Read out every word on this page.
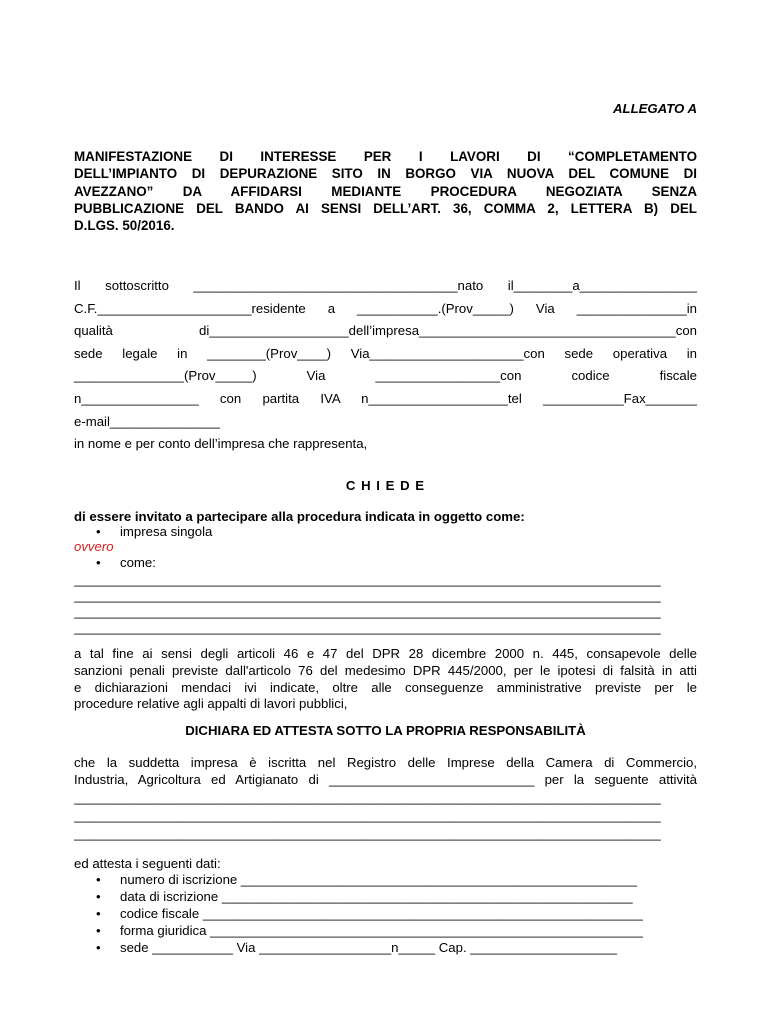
ALLEGATO A
MANIFESTAZIONE DI INTERESSE PER I LAVORI DI “COMPLETAMENTO
DELL’IMPIANTO DI DEPURAZIONE SITO IN BORGO VIA NUOVA DEL COMUNE DI
AVEZZANO” DA AFFIDARSI MEDIANTE PROCEDURA NEGOZIATA SENZA
PUBBLICAZIONE DEL BANDO AI SENSI DELL’ART. 36, COMMA 2, LETTERA B) DEL
D.LGS. 50/2016.
Il sottoscritto ____________________________________nato il________a________________
C.F._____________________residente a ___________.(Prov_____) Via _______________in
qualità di___________________dell’impresa___________________________________con
sede legale in ________(Prov____) Via_____________________con sede operativa in
_______________(Prov_____) Via _________________con codice fiscale
n________________ con partita IVA n___________________tel ___________Fax_______
e-mail_______________
in nome e per conto dell’impresa che rappresenta,
C H I E D E
di essere invitato a partecipare alla procedura indicata in oggetto come:
• impresa singola
ovvero
• come:
________________________________________________________________________________
________________________________________________________________________________
________________________________________________________________________________
________________________________________________________________________________
a tal fine ai sensi degli articoli 46 e 47 del DPR 28 dicembre 2000 n. 445, consapevole delle
sanzioni penali previste dall'articolo 76 del medesimo DPR 445/2000, per le ipotesi di falsità in atti
e dichiarazioni mendaci ivi indicate, oltre alle conseguenze amministrative previste per le
procedure relative agli appalti di lavori pubblici,
DICHIARA ED ATTESTA SOTTO LA PROPRIA RESPONSABILITÀ
che la suddetta impresa è iscritta nel Registro delle Imprese della Camera di Commercio,
Industria, Agricoltura ed Artigianato di ____________________________ per la seguente attività
________________________________________________________________________________
________________________________________________________________________________
________________________________________________________________________________
ed attesta i seguenti dati:
• numero di iscrizione ______________________________________________________
• data di iscrizione ________________________________________________________
• codice fiscale ____________________________________________________________
• forma giuridica ___________________________________________________________
• sede ___________ Via __________________n_____ Cap. ____________________
